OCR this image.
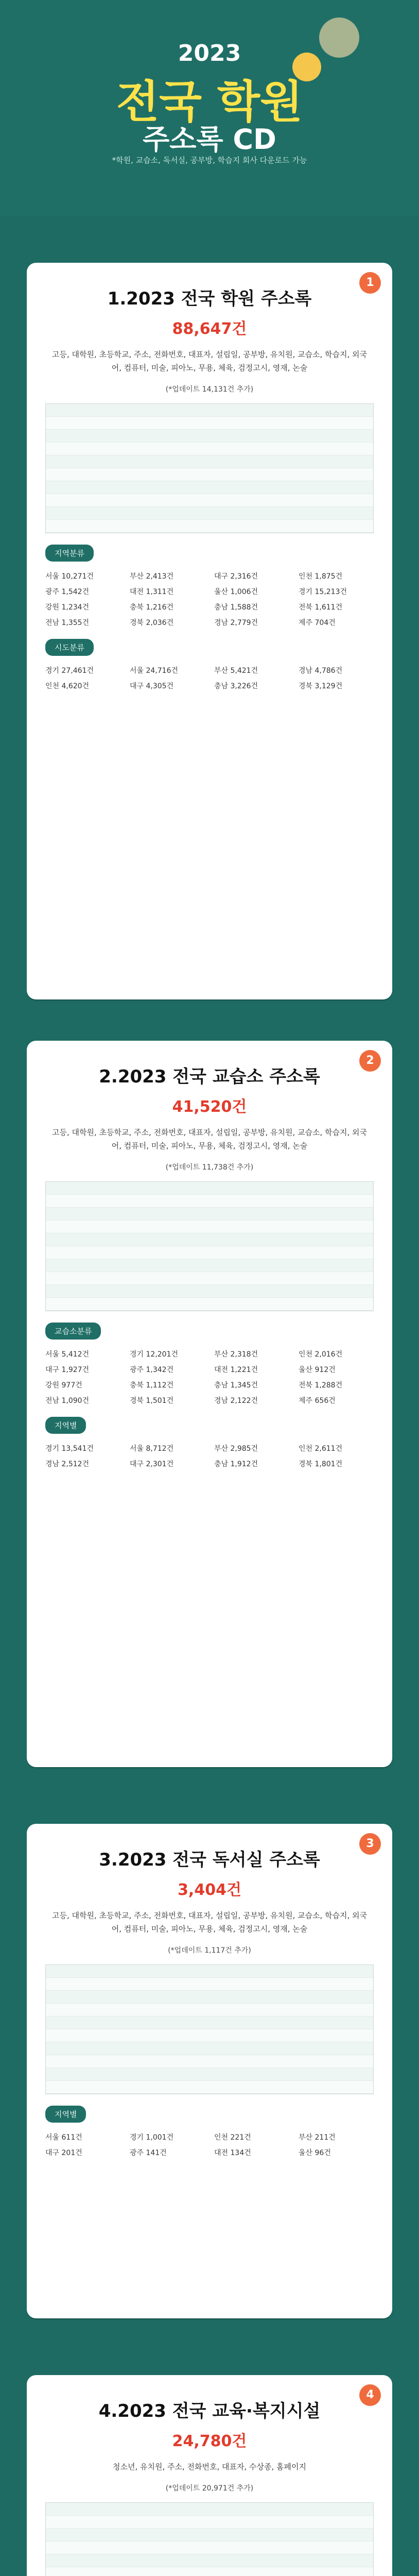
2023
전국 학원
주소록 CD
*학원, 교습소, 독서실, 공부방, 학습지 회사 다운로드 가능
1
1.2023 전국 학원 주소록
88,647건
고등, 대학원, 초등학교, 주소, 전화번호, 대표자, 설립일, 공부방, 유치원, 교습소, 학습지, 외국어, 컴퓨터, 미술, 피아노, 무용, 체육, 검정고시, 영재, 논술
(*업데이트 14,131건 추가)
지역분류
서울 10,271건	부산 2,413건	대구 2,316건	인천 1,875건
광주 1,542건	대전 1,311건	울산 1,006건	경기 15,213건
강원 1,234건	충북 1,216건	충남 1,588건	전북 1,611건
전남 1,355건	경북 2,036건	경남 2,779건	제주 704건
시도분류
경기 27,461건	서울 24,716건	부산 5,421건	경남 4,786건
인천 4,620건	대구 4,305건	충남 3,226건	경북 3,129건
2
2.2023 전국 교습소 주소록
41,520건
고등, 대학원, 초등학교, 주소, 전화번호, 대표자, 설립일, 공부방, 유치원, 교습소, 학습지, 외국어, 컴퓨터, 미술, 피아노, 무용, 체육, 검정고시, 영재, 논술
(*업데이트 11,738건 추가)
교습소분류
서울 5,412건	경기 12,201건	부산 2,318건	인천 2,016건
대구 1,927건	광주 1,342건	대전 1,221건	울산 912건
강원 977건	충북 1,112건	충남 1,345건	전북 1,288건
전남 1,090건	경북 1,501건	경남 2,122건	제주 656건
지역별
경기 13,541건	서울 8,712건	부산 2,985건	인천 2,611건
경남 2,512건	대구 2,301건	충남 1,912건	경북 1,801건
3
3.2023 전국 독서실 주소록
3,404건
고등, 대학원, 초등학교, 주소, 전화번호, 대표자, 설립일, 공부방, 유치원, 교습소, 학습지, 외국어, 컴퓨터, 미술, 피아노, 무용, 체육, 검정고시, 영재, 논술
(*업데이트 1,117건 추가)
지역별
서울 611건	경기 1,001건	인천 221건	부산 211건
대구 201건	광주 141건	대전 134건	울산 96건
4
4.2023 전국 교육·복지시설
24,780건
청소년, 유치원, 주소, 전화번호, 대표자, 수상종, 홈페이지
(*업데이트 20,971건 추가)
